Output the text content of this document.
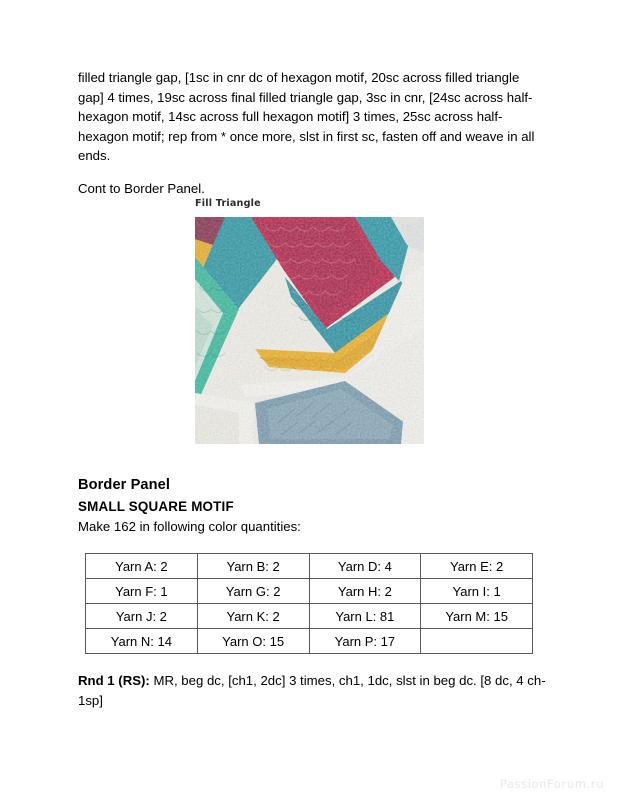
filled triangle gap, [1sc in cnr dc of hexagon motif, 20sc across filled triangle gap] 4 times, 19sc across final filled triangle gap, 3sc in cnr, [24sc across half-hexagon motif, 14sc across full hexagon motif] 3 times, 25sc across half-hexagon motif; rep from * once more, slst in first sc, fasten off and weave in all ends.

Cont to Border Panel.

Fill Triangle
Border Panel
SMALL SQUARE MOTIF
Make 162 in following color quantities:
Yarn A: 2	Yarn B: 2	Yarn D: 4	Yarn E: 2
Yarn F: 1	Yarn G: 2	Yarn H: 2	Yarn I: 1
Yarn J: 2	Yarn K: 2	Yarn L: 81	Yarn M: 15
Yarn N: 14	Yarn O: 15	Yarn P: 17	
Rnd 1 (RS): MR, beg dc, [ch1, 2dc] 3 times, ch1, 1dc, slst in beg dc. [8 dc, 4 ch-1sp]
PassionForum.ru
